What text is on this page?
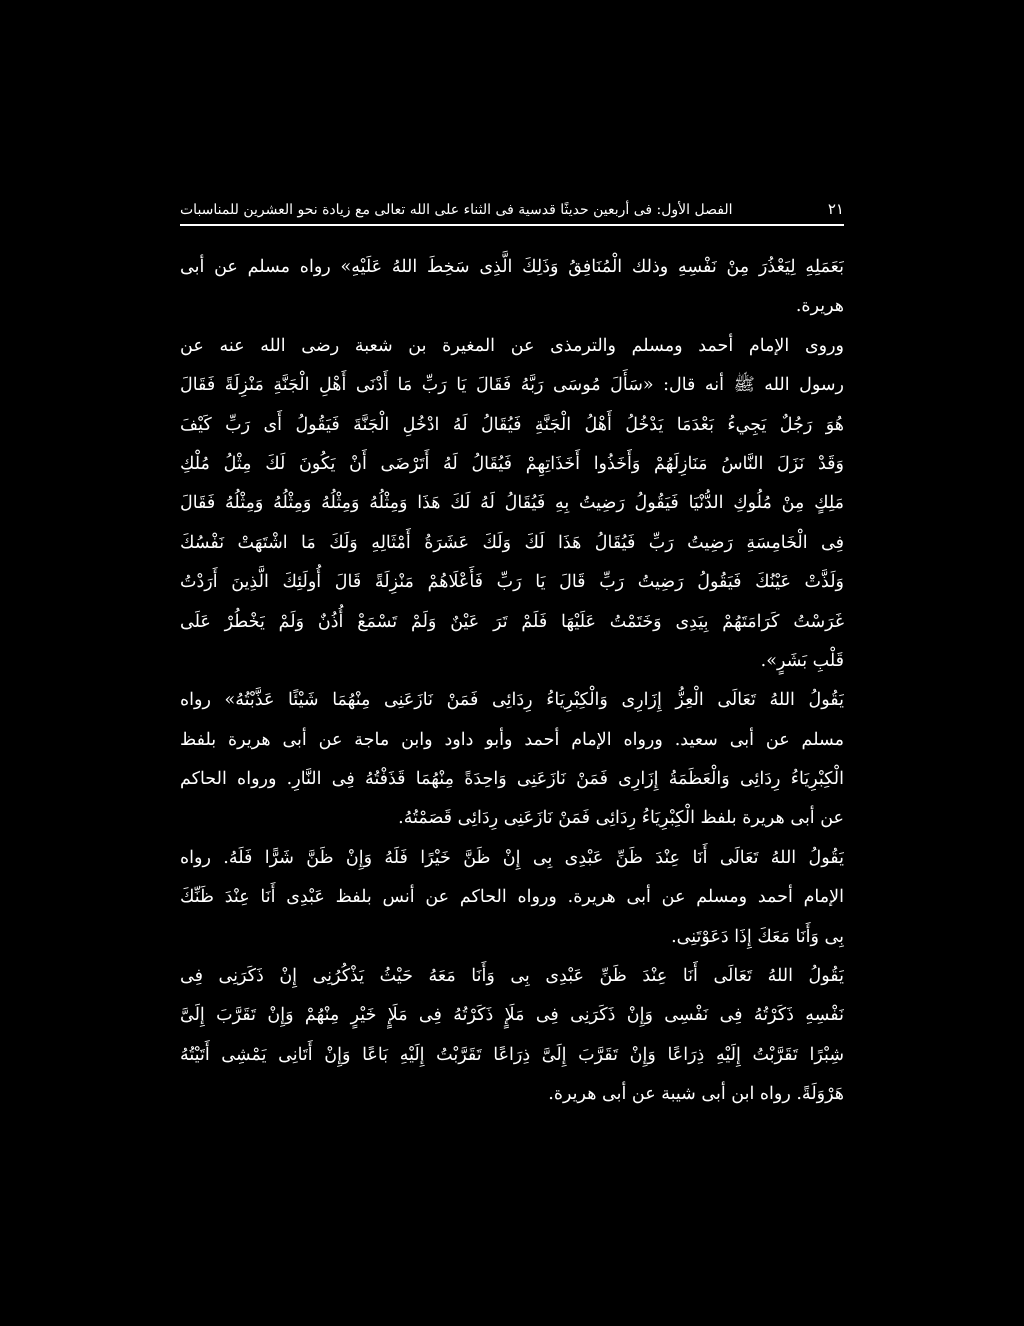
٢١
الفصل الأول: فى أربعين حديثًا قدسية فى الثناء على الله تعالى مع زيادة نحو العشرين للمناسبات
بَعَمَلِهِ لِيَعْذُرَ مِنْ نَفْسِهِ وذلك الْمُنَافِقُ وَذَلِكَ الَّذِى سَخِطَ اللهُ عَلَيْهِ» رواه مسلم عن أبى
هريرة.
وروى الإمام أحمد ومسلم والترمذى عن المغيرة بن شعبة رضى الله عنه عن
رسول الله ﷺ أنه قال: «سَأَلَ مُوسَى رَبَّهُ فَقَالَ يَا رَبِّ مَا أَدْنَى أَهْلِ الْجَنَّةِ مَنْزِلَةً فَقَالَ
هُوَ رَجُلٌ يَجِيءُ بَعْدَمَا يَدْخُلُ أَهْلُ الْجَنَّةِ فَيُقَالُ لَهُ ادْخُلِ الْجَنَّةَ فَيَقُولُ أَى رَبِّ كَيْفَ
وَقَدْ نَزَلَ النَّاسُ مَنَازِلَهُمْ وَأَخَذُوا أَخَذَاتِهِمْ فَيُقَالُ لَهُ أَتَرْضَى أَنْ يَكُونَ لَكَ مِثْلُ مُلْكِ
مَلِكٍ مِنْ مُلُوكِ الدُّنْيَا فَيَقُولُ رَضِيتُ بِهِ فَيُقَالُ لَهُ لَكَ هَذَا وَمِثْلُهُ وَمِثْلُهُ وَمِثْلُهُ وَمِثْلُهُ فَقَالَ
فِى الْخَامِسَةِ رَضِيتُ رَبِّ فَيُقَالُ هَذَا لَكَ وَلَكَ عَشَرَةُ أَمْثَالِهِ وَلَكَ مَا اشْتَهَتْ نَفْسُكَ
وَلَذَّتْ عَيْنُكَ فَيَقُولُ رَضِيتُ رَبِّ قَالَ يَا رَبِّ فَأَعْلَاهُمْ مَنْزِلَةً قَالَ أُولَئِكَ الَّذِينَ أَرَدْتُ
غَرَسْتُ كَرَامَتَهُمْ بِيَدِى وَخَتَمْتُ عَلَيْهَا فَلَمْ تَرَ عَيْنٌ وَلَمْ تَسْمَعْ أُذُنٌ وَلَمْ يَخْطُرْ عَلَى
قَلْبِ بَشَرٍ».
يَقُولُ اللهُ تَعَالَى الْعِزُّ إِزَارِى وَالْكِبْرِيَاءُ رِدَائِى فَمَنْ نَازَعَنِى مِنْهُمَا شَيْئًا عَذَّبْتُهُ» رواه
مسلم عن أبى سعيد. ورواه الإمام أحمد وأبو داود وابن ماجة عن أبى هريرة بلفظ
الْكِبْرِيَاءُ رِدَائِى وَالْعَظَمَةُ إِزَارِى فَمَنْ نَازَعَنِى وَاحِدَةً مِنْهُمَا قَذَفْتُهُ فِى النَّارِ. ورواه الحاكم
عن أبى هريرة بلفظ الْكِبْرِيَاءُ رِدَائِى فَمَنْ نَازَعَنِى رِدَائِى قَصَمْتُهُ.
يَقُولُ اللهُ تَعَالَى أَنَا عِنْدَ ظَنِّ عَبْدِى بِى إِنْ ظَنَّ خَيْرًا فَلَهُ وَإِنْ ظَنَّ شَرًّا فَلَهُ. رواه
الإمام أحمد ومسلم عن أبى هريرة. ورواه الحاكم عن أنس بلفظ عَبْدِى أَنَا عِنْدَ ظَنِّكَ
بِى وَأَنَا مَعَكَ إِذَا دَعَوْتَنِى.
يَقُولُ اللهُ تَعَالَى أَنَا عِنْدَ ظَنِّ عَبْدِى بِى وَأَنَا مَعَهُ حَيْثُ يَذْكُرُنِى إِنْ ذَكَرَنِى فِى
نَفْسِهِ ذَكَرْتُهُ فِى نَفْسِى وَإِنْ ذَكَرَنِى فِى مَلَإٍ ذَكَرْتُهُ فِى مَلَإٍ خَيْرٍ مِنْهُمْ وَإِنْ تَقَرَّبَ إِلَىَّ
شِبْرًا تَقَرَّبْتُ إِلَيْهِ ذِرَاعًا وَإِنْ تَقَرَّبَ إِلَىَّ ذِرَاعًا تَقَرَّبْتُ إِلَيْهِ بَاعًا وَإِنْ أَتَانِى يَمْشِى أَتَيْتُهُ
هَرْوَلَةً. رواه ابن أبى شيبة عن أبى هريرة.
